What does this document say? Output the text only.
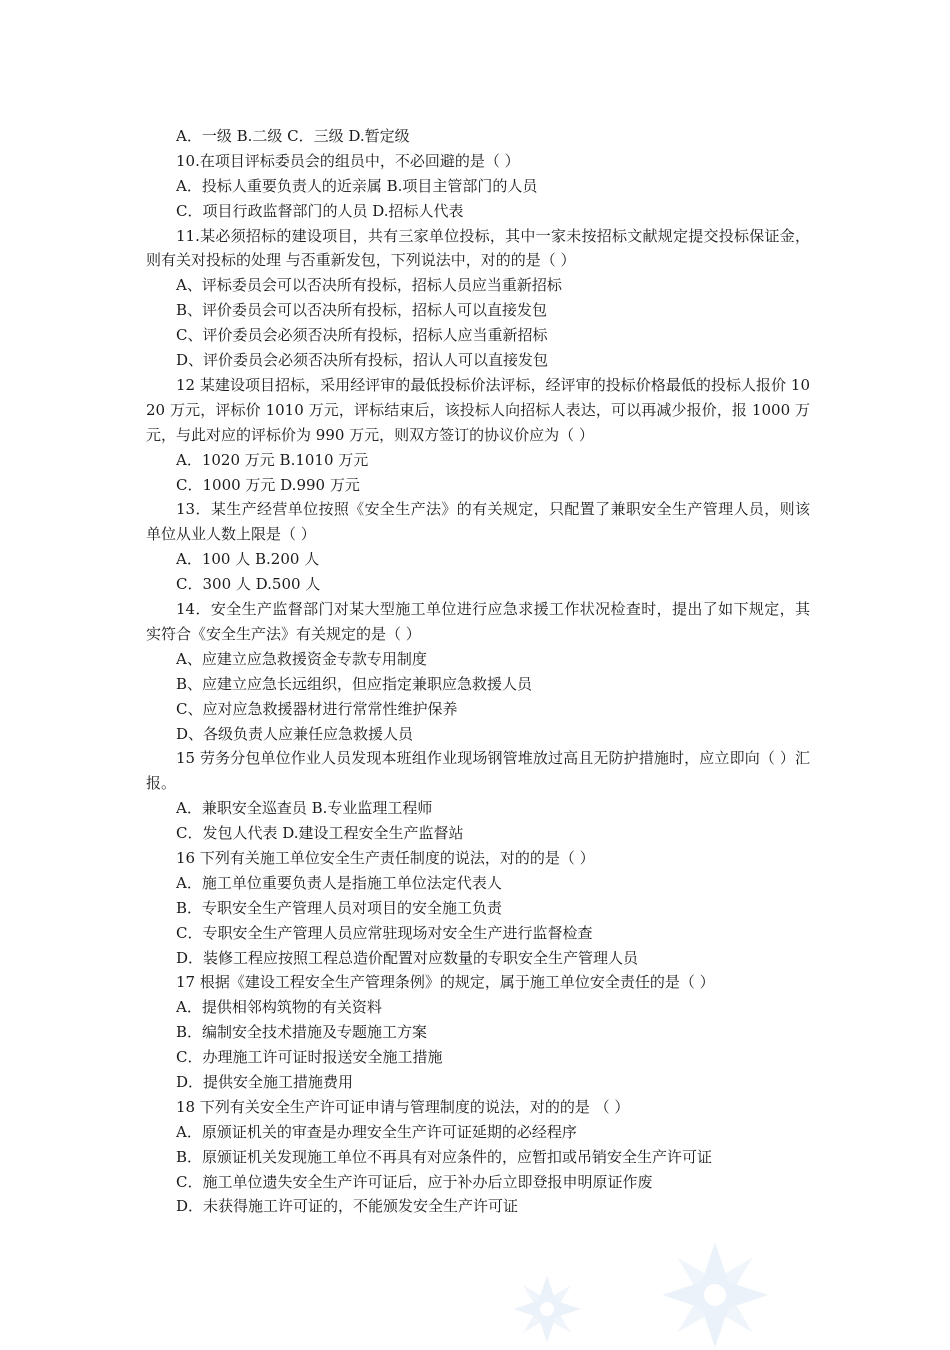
A．一级 B.二级 C．三级 D.暂定级
10.在项目评标委员会的组员中，不必回避的是（ ）
A．投标人重要负责人的近亲属 B.项目主管部门的人员
C．项目行政监督部门的人员 D.招标人代表
11.某必须招标的建设项目，共有三家单位投标，其中一家未按招标文献规定提交投标保证金，则有关对投标的处理 与否重新发包，下列说法中，对的的是（ ）
A、评标委员会可以否决所有投标，招标人员应当重新招标
B、评价委员会可以否决所有投标，招标人可以直接发包
C、评价委员会必须否决所有投标，招标人应当重新招标
D、评价委员会必须否决所有投标，招认人可以直接发包
12 某建设项目招标，采用经评审的最低投标价法评标，经评审的投标价格最低的投标人报价 1020 万元，评标价 1010 万元，评标结束后，该投标人向招标人表达，可以再减少报价，报 1000 万元，与此对应的评标价为 990 万元，则双方签订的协议价应为（ ）
A．1020 万元 B.1010 万元
C．1000 万元 D.990 万元
13．某生产经营单位按照《安全生产法》的有关规定，只配置了兼职安全生产管理人员，则该单位从业人数上限是（ ）
A．100 人 B.200 人
C．300 人 D.500 人
14．安全生产监督部门对某大型施工单位进行应急求援工作状况检查时，提出了如下规定，其实符合《安全生产法》有关规定的是（ ）
A、应建立应急救援资金专款专用制度
B、应建立应急长远组织，但应指定兼职应急救援人员
C、应对应急救援器材进行常常性维护保养
D、各级负责人应兼任应急救援人员
15 劳务分包单位作业人员发现本班组作业现场钢管堆放过高且无防护措施时，应立即向（ ）汇报。
A．兼职安全巡查员 B.专业监理工程师
C．发包人代表 D.建设工程安全生产监督站
16 下列有关施工单位安全生产责任制度的说法，对的的是（ ）
A．施工单位重要负责人是指施工单位法定代表人
B．专职安全生产管理人员对项目的安全施工负责
C．专职安全生产管理人员应常驻现场对安全生产进行监督检查
D．装修工程应按照工程总造价配置对应数量的专职安全生产管理人员
17 根据《建设工程安全生产管理条例》的规定，属于施工单位安全责任的是（ ）
A．提供相邻构筑物的有关资料
B．编制安全技术措施及专题施工方案
C．办理施工许可证时报送安全施工措施
D．提供安全施工措施费用
18 下列有关安全生产许可证申请与管理制度的说法，对的的是 （ ）
A．原颁证机关的审查是办理安全生产许可证延期的必经程序
B．原颁证机关发现施工单位不再具有对应条件的，应暂扣或吊销安全生产许可证
C．施工单位遗失安全生产许可证后，应于补办后立即登报申明原证作废
D．未获得施工许可证的，不能颁发安全生产许可证
